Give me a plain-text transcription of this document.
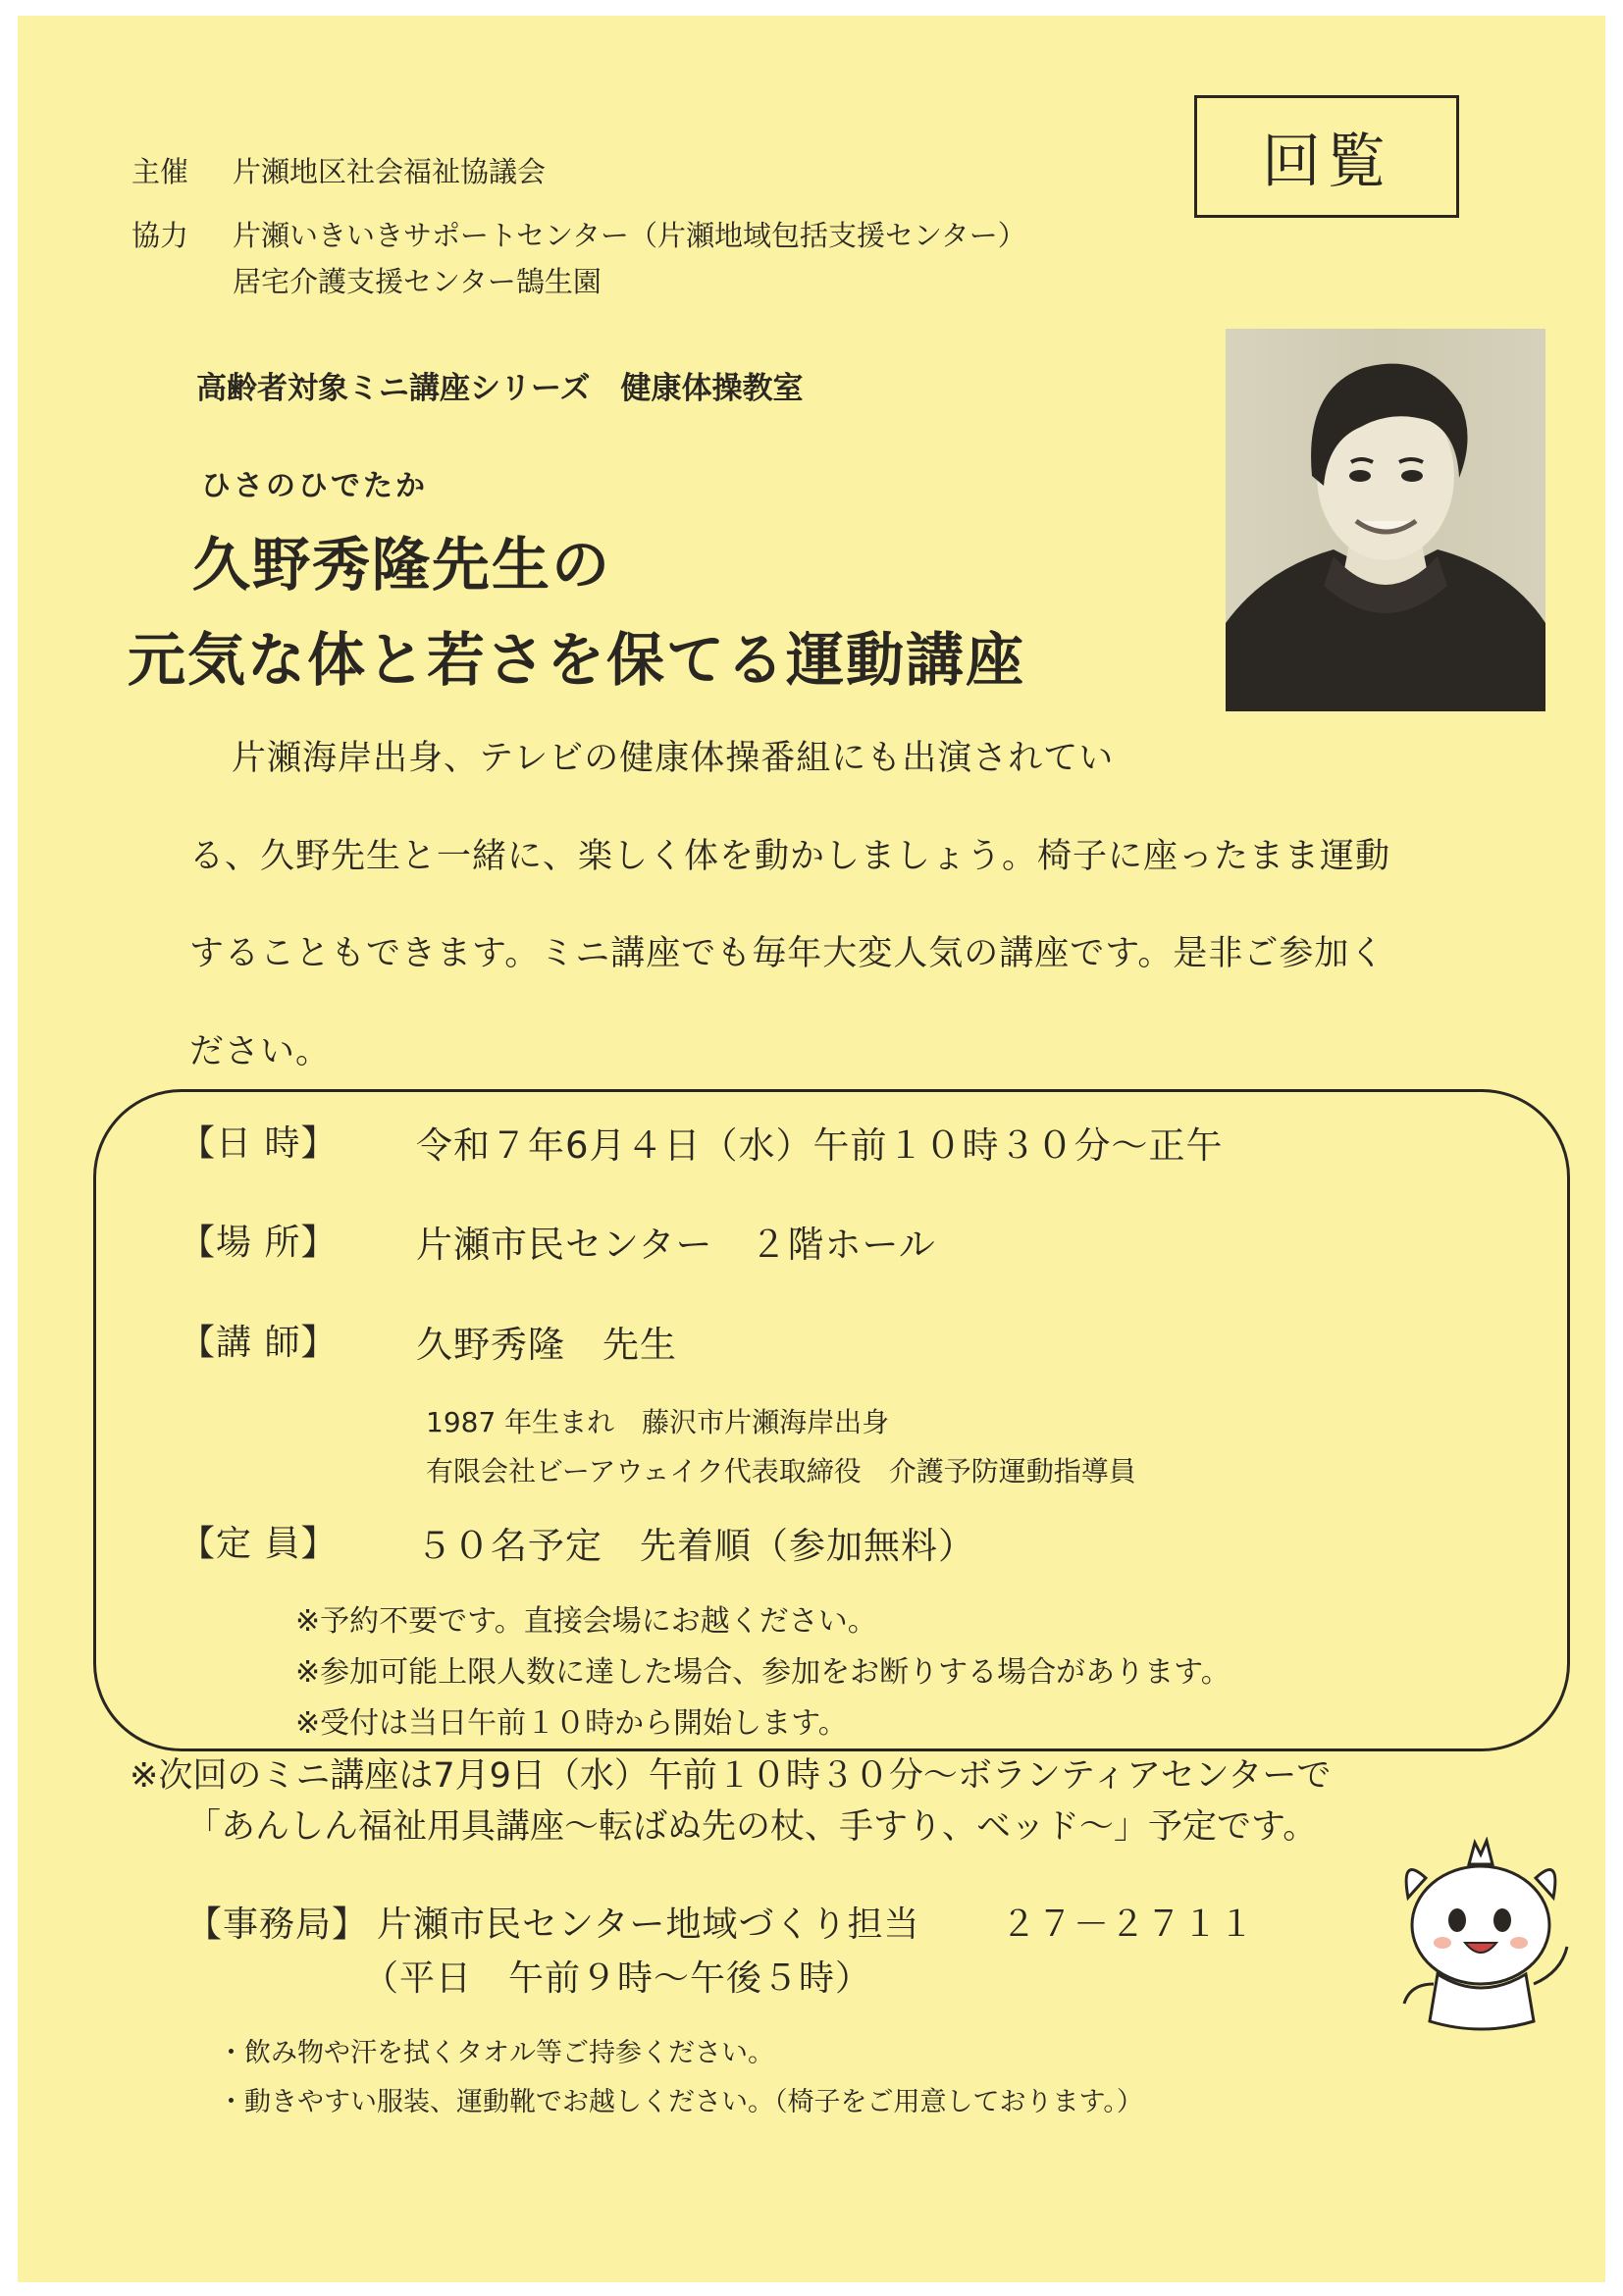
主催 片瀬地区社会福祉協議会
協力 片瀬いきいきサポートセンター（片瀬地域包括支援センター）
居宅介護支援センター鵠生園
回覧
高齢者対象ミニ講座シリーズ　健康体操教室
ひさのひでたか
久野秀隆先生の
元気な体と若さを保てる運動講座
片瀬海岸出身、テレビの健康体操番組にも出演されてい
る、久野先生と一緒に、楽しく体を動かしましょう。椅子に座ったまま運動
することもできます。ミニ講座でも毎年大変人気の講座です。是非ご参加く
ださい。
【日 時】 令和７年6月４日（水）午前１０時３０分～正午
【場 所】 片瀬市民センター　２階ホール
【講 師】 久野秀隆　先生
1987 年生まれ　藤沢市片瀬海岸出身
有限会社ビーアウェイク代表取締役　介護予防運動指導員
【定 員】 ５０名予定　先着順（参加無料）
※予約不要です。直接会場にお越ください。
※参加可能上限人数に達した場合、参加をお断りする場合があります。
※受付は当日午前１０時から開始します。
※次回のミニ講座は7月9日（水）午前１０時３０分～ボランティアセンターで
「あんしん福祉用具講座～転ばぬ先の杖、手すり、ベッド～」予定です。
【事務局】 片瀬市民センター地域づくり担当 ２７－２７１１
（平日　午前９時～午後５時）
・飲み物や汗を拭くタオル等ご持参ください。
・動きやすい服装、運動靴でお越しください。（椅子をご用意しております。）
